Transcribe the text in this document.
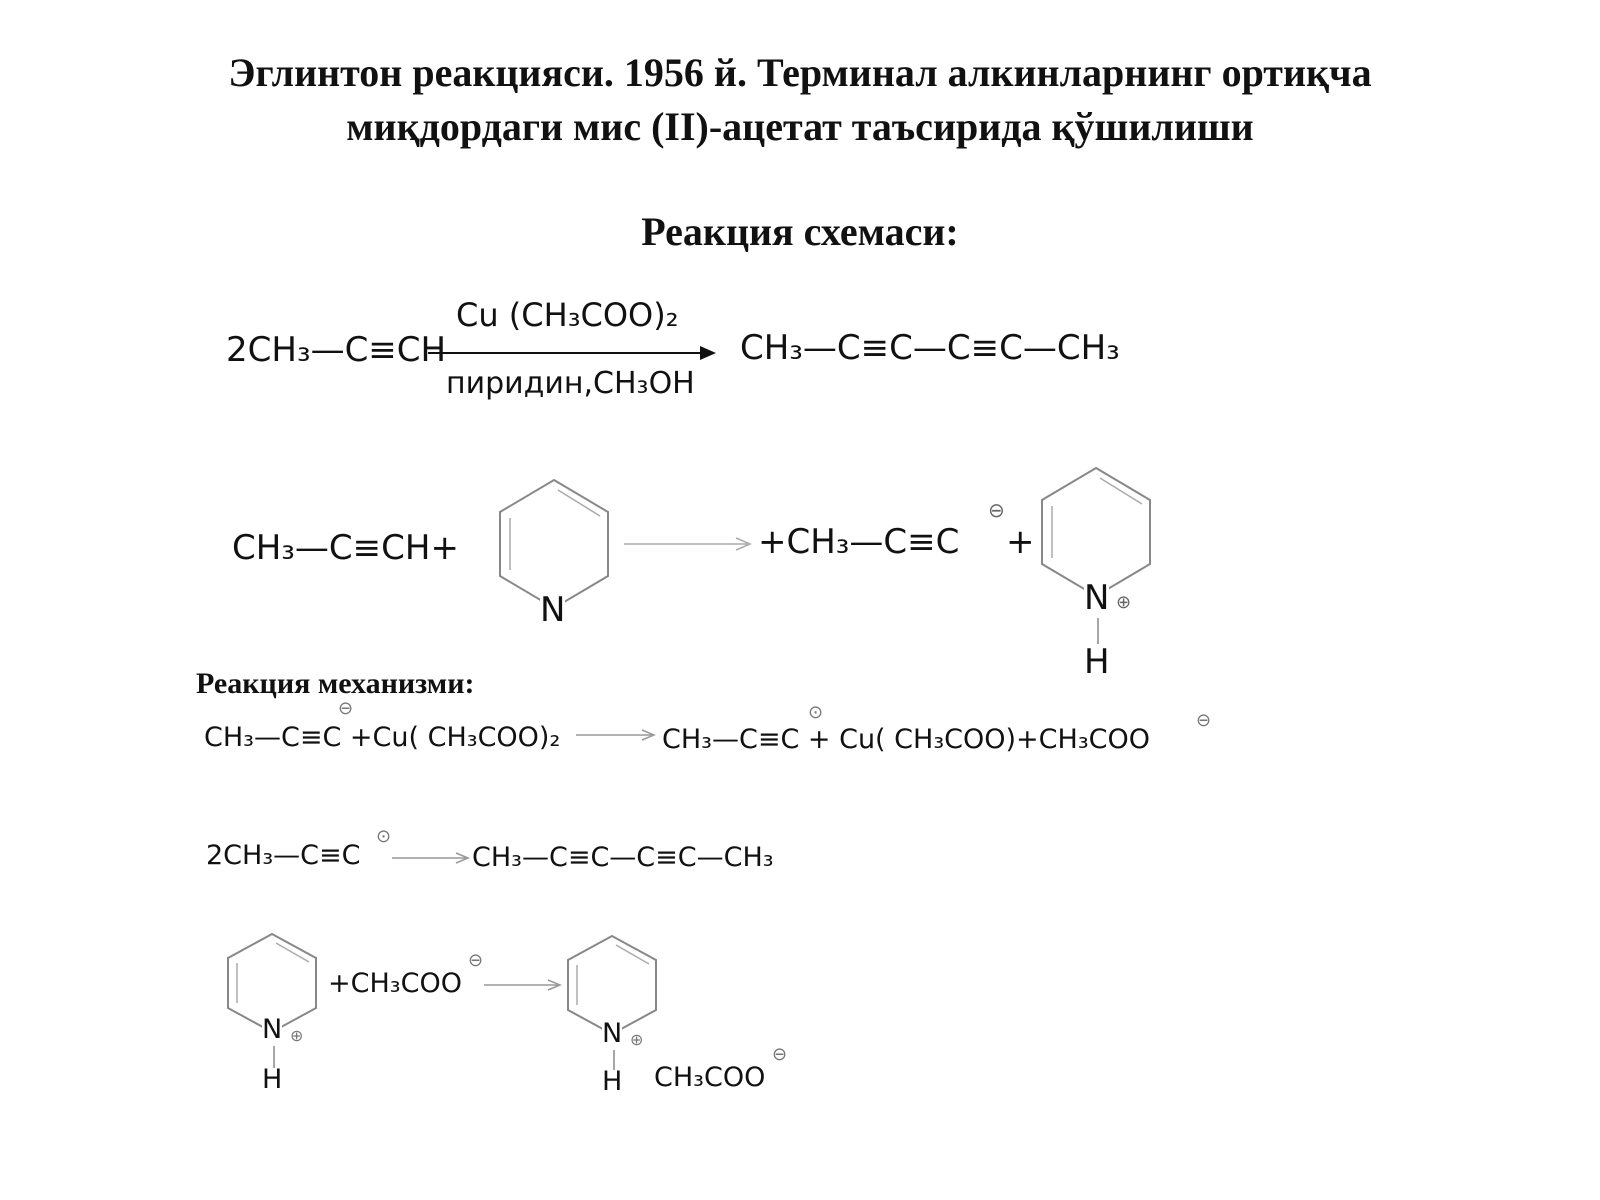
Эглинтон реакцияси. 1956 й. Терминал алкинларнинг ортиқча
миқдордаги мис (II)-ацетат таъсирида қўшилиши
Реакция схемаси:
2CH₃—C≡CH
Cu (CH₃COO)₂
пиридин,CH₃OH
CH₃—C≡C—C≡C—CH₃
CH₃—C≡CH+
N
+CH₃—C≡C
⊖
+
N ⊕
H
Реакция механизми:
CH₃—C≡C +Cu( CH₃COO)₂
⊖
CH₃—C≡C + Cu( CH₃COO)+CH₃COO
⊙	⊖
2CH₃—C≡C
⊙
CH₃—C≡C—C≡C—CH₃
N ⊕
H
+CH₃COO
⊖
N ⊕
H CH₃COO
⊖
